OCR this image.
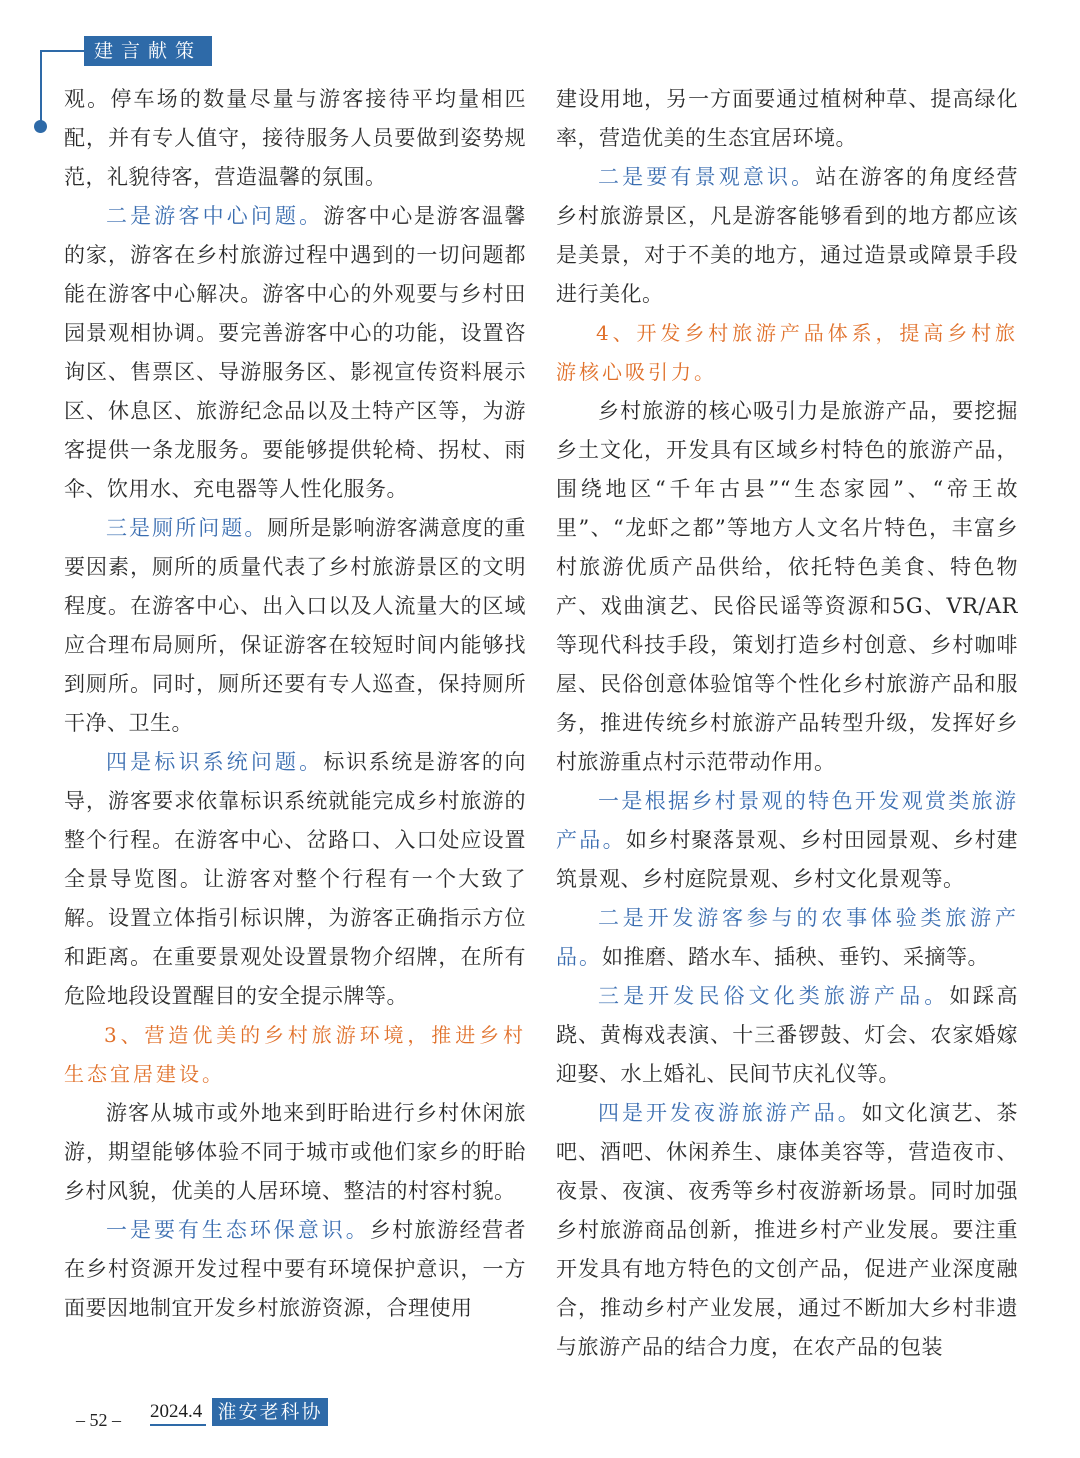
建言献策

观。停车场的数量尽量与游客接待平均量相匹配，并有专人值守，接待服务人员要做到姿势规范，礼貌待客，营造温馨的氛围。

二是游客中心问题。游客中心是游客温馨的家，游客在乡村旅游过程中遇到的一切问题都能在游客中心解决。游客中心的外观要与乡村田园景观相协调。要完善游客中心的功能，设置咨询区、售票区、导游服务区、影视宣传资料展示区、休息区、旅游纪念品以及土特产区等，为游客提供一条龙服务。要能够提供轮椅、拐杖、雨伞、饮用水、充电器等人性化服务。

三是厕所问题。厕所是影响游客满意度的重要因素，厕所的质量代表了乡村旅游景区的文明程度。在游客中心、出入口以及人流量大的区域应合理布局厕所，保证游客在较短时间内能够找到厕所。同时，厕所还要有专人巡查，保持厕所干净、卫生。

四是标识系统问题。标识系统是游客的向导，游客要求依靠标识系统就能完成乡村旅游的整个行程。在游客中心、岔路口、入口处应设置全景导览图。让游客对整个行程有一个大致了解。设置立体指引标识牌，为游客正确指示方位和距离。在重要景观处设置景物介绍牌，在所有危险地段设置醒目的安全提示牌等。

3、营造优美的乡村旅游环境，推进乡村生态宜居建设。

游客从城市或外地来到盱眙进行乡村休闲旅游，期望能够体验不同于城市或他们家乡的盱眙乡村风貌，优美的人居环境、整洁的村容村貌。

一是要有生态环保意识。乡村旅游经营者在乡村资源开发过程中要有环境保护意识，一方面要因地制宜开发乡村旅游资源，合理使用

建设用地，另一方面要通过植树种草、提高绿化率，营造优美的生态宜居环境。

二是要有景观意识。站在游客的角度经营乡村旅游景区，凡是游客能够看到的地方都应该是美景，对于不美的地方，通过造景或障景手段进行美化。

4、开发乡村旅游产品体系，提高乡村旅游核心吸引力。

乡村旅游的核心吸引力是旅游产品，要挖掘乡土文化，开发具有区域乡村特色的旅游产品，围绕地区“千年古县”“生态家园”、“帝王故里”、“龙虾之都”等地方人文名片特色，丰富乡村旅游优质产品供给，依托特色美食、特色物产、戏曲演艺、民俗民谣等资源和5G、VR/AR等现代科技手段，策划打造乡村创意、乡村咖啡屋、民俗创意体验馆等个性化乡村旅游产品和服务，推进传统乡村旅游产品转型升级，发挥好乡村旅游重点村示范带动作用。

一是根据乡村景观的特色开发观赏类旅游产品。如乡村聚落景观、乡村田园景观、乡村建筑景观、乡村庭院景观、乡村文化景观等。

二是开发游客参与的农事体验类旅游产品。如推磨、踏水车、插秧、垂钓、采摘等。

三是开发民俗文化类旅游产品。如踩高跷、黄梅戏表演、十三番锣鼓、灯会、农家婚嫁迎娶、水上婚礼、民间节庆礼仪等。

四是开发夜游旅游产品。如文化演艺、茶吧、酒吧、休闲养生、康体美容等，营造夜市、夜景、夜演、夜秀等乡村夜游新场景。同时加强乡村旅游商品创新，推进乡村产业发展。要注重开发具有地方特色的文创产品，促进产业深度融合，推动乡村产业发展，通过不断加大乡村非遗与旅游产品的结合力度，在农产品的包装

– 52 – 2024.4 淮安老科协
